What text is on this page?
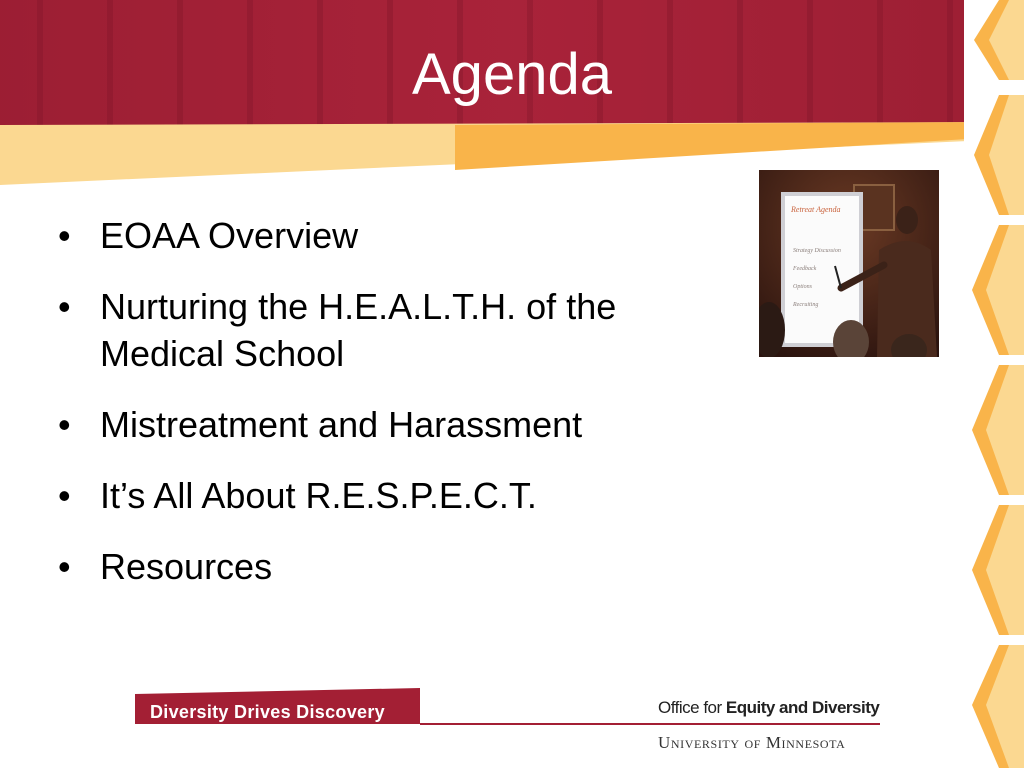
Agenda
• EOAA Overview
• Nurturing the H.E.A.L.T.H. of the Medical School
• Mistreatment and Harassment
• It’s All About R.E.S.P.E.C.T.
• Resources
Retreat Agenda
Strategy Discussion
Feedback
Options
Recruiting
Diversity Drives Discovery	Office for Equity and Diversity
University of Minnesota
